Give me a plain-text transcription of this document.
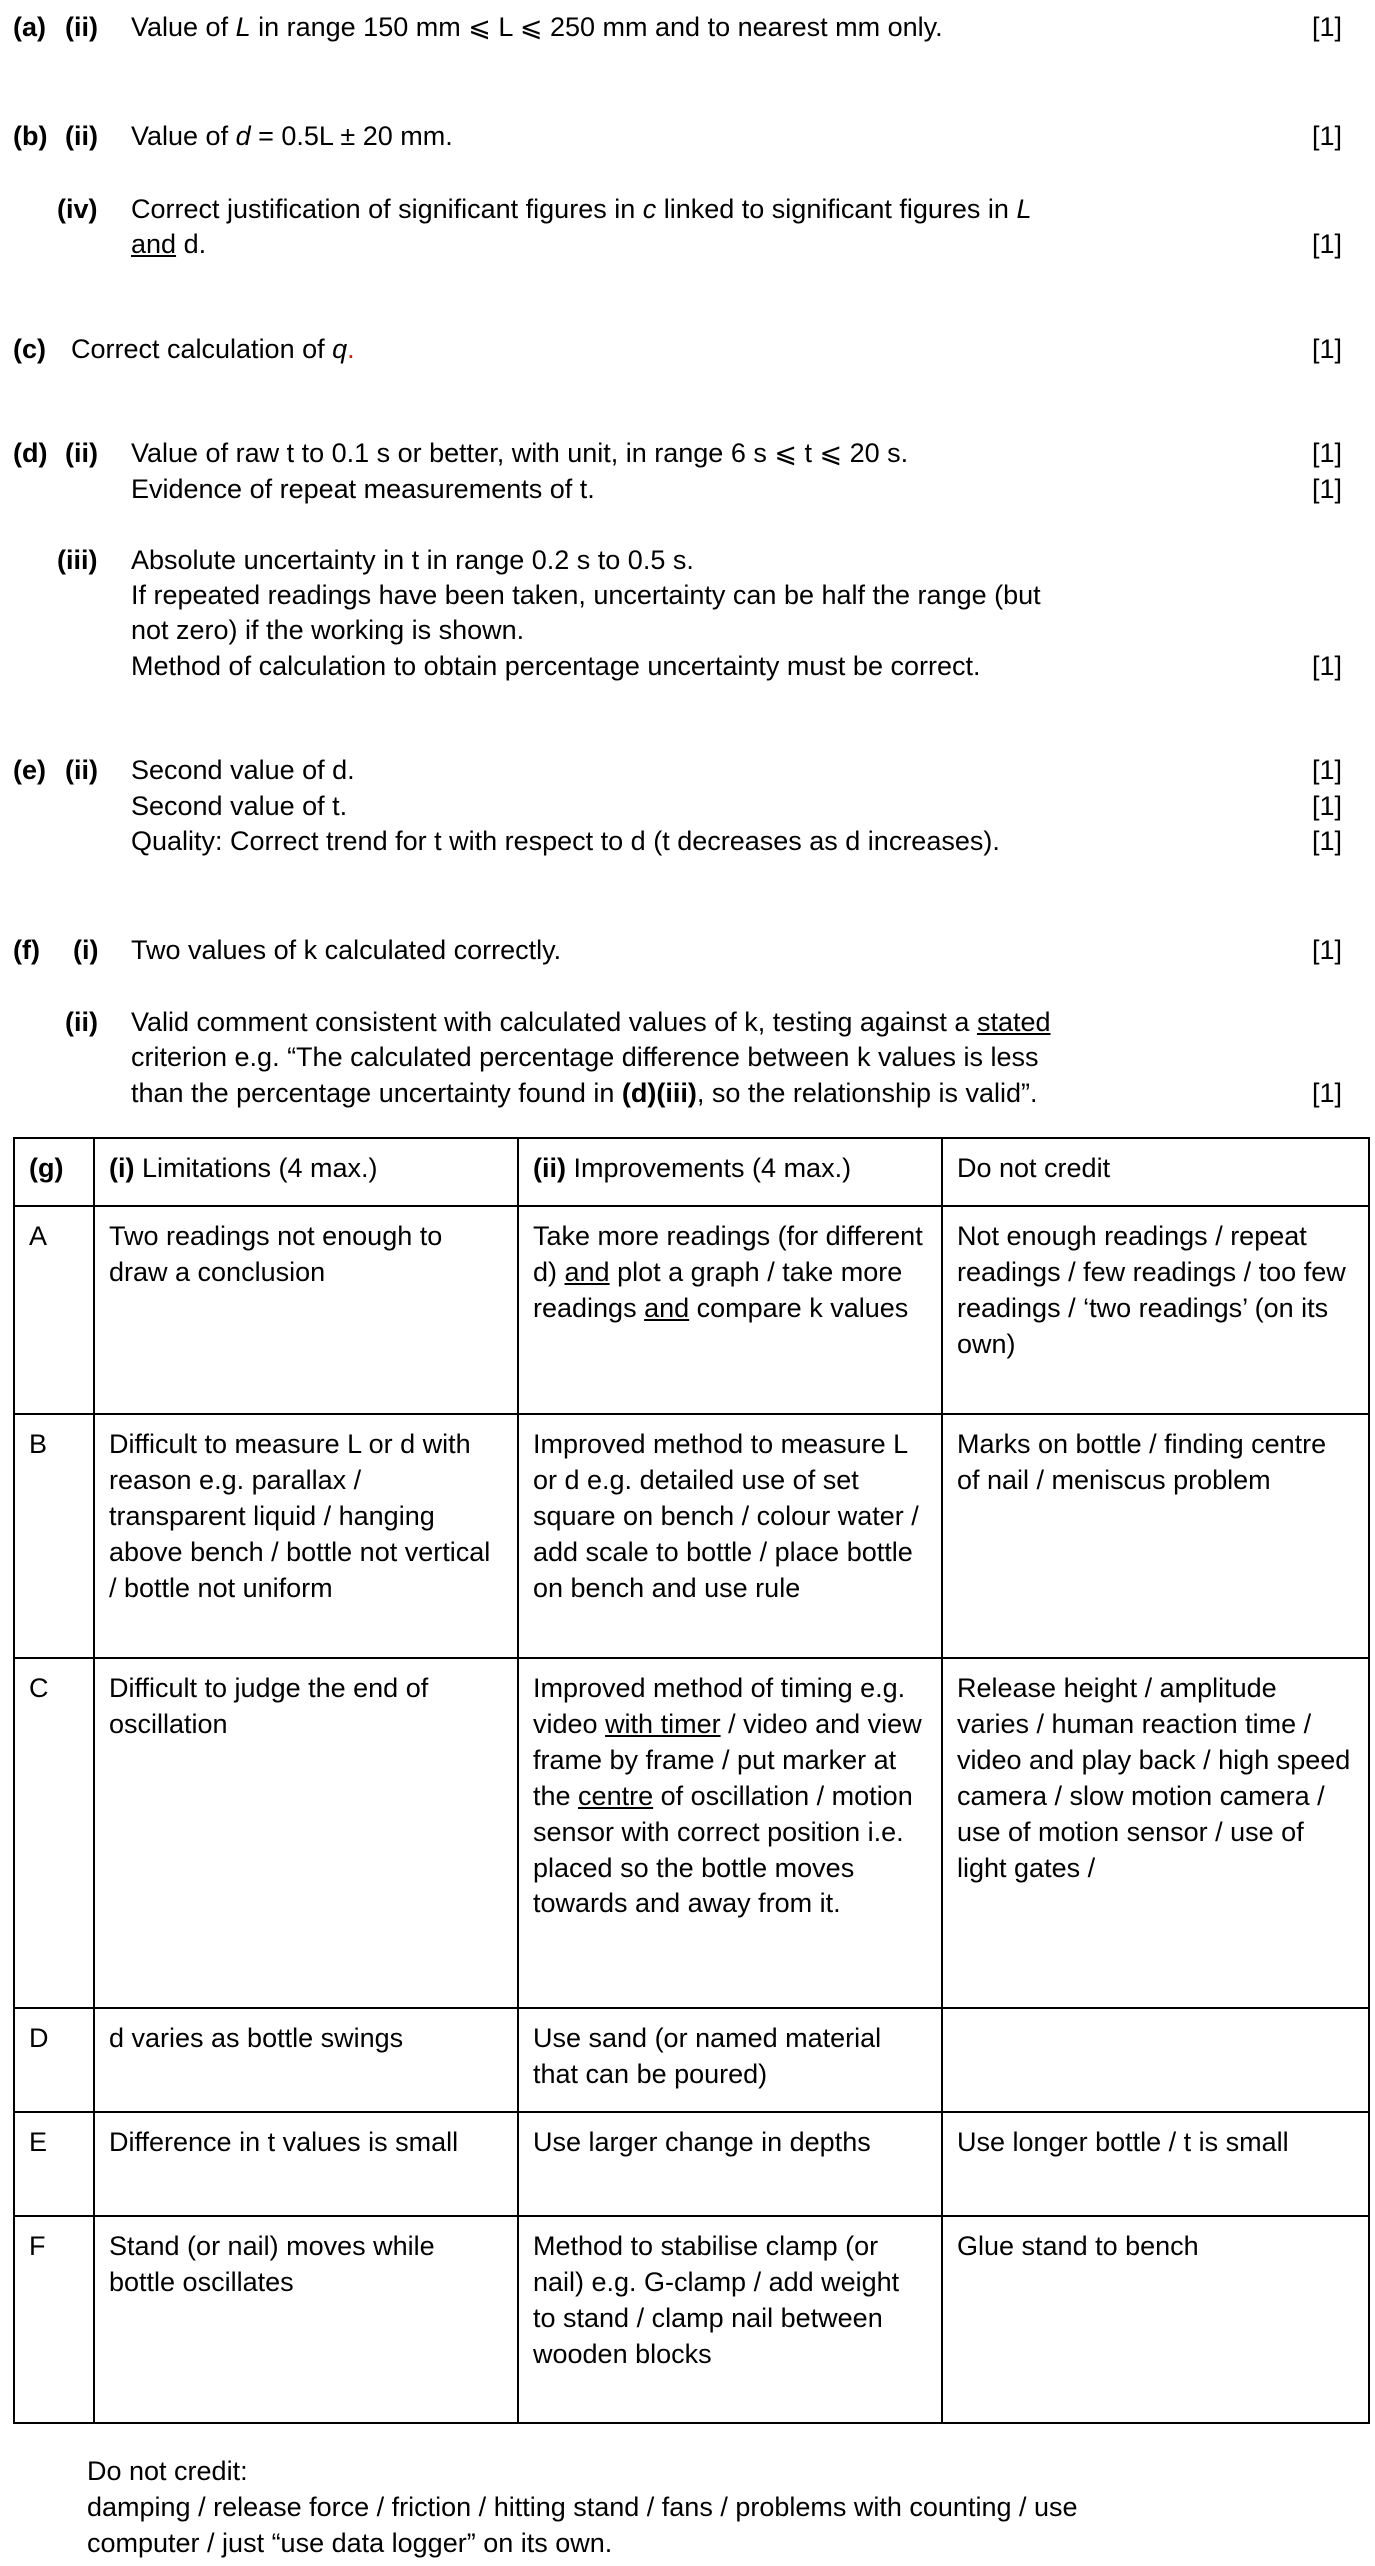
(a) (ii) Value of L in range 150 mm ⩽ L ⩽ 250 mm and to nearest mm only.	[1]
(b) (ii) Value of d = 0.5L ± 20 mm.	[1]
(iv) Correct justification of significant figures in c linked to significant figures in L
and d.	[1]
(c) Correct calculation of q.	[1]
(d) (ii) Value of raw t to 0.1 s or better, with unit, in range 6 s ⩽ t ⩽ 20 s.	[1]
Evidence of repeat measurements of t.	[1]
(iii) Absolute uncertainty in t in range 0.2 s to 0.5 s.
If repeated readings have been taken, uncertainty can be half the range (but
not zero) if the working is shown.
Method of calculation to obtain percentage uncertainty must be correct.	[1]
(e) (ii) Second value of d.	[1]
Second value of t.	[1]
Quality: Correct trend for t with respect to d (t decreases as d increases).	[1]
(f) (i) Two values of k calculated correctly.	[1]
(ii) Valid comment consistent with calculated values of k, testing against a stated
criterion e.g. “The calculated percentage difference between k values is less
than the percentage uncertainty found in (d)(iii), so the relationship is valid”.	[1]
(g)	(i) Limitations (4 max.)	(ii) Improvements (4 max.)	Do not credit
A	Two readings not enough to draw a conclusion	Take more readings (for different d) and plot a graph / take more readings and compare k values	Not enough readings / repeat readings / few readings / too few readings / ‘two readings’ (on its own)
B	Difficult to measure L or d with reason e.g. parallax / transparent liquid / hanging above bench / bottle not vertical / bottle not uniform	Improved method to measure L or d e.g. detailed use of set square on bench / colour water / add scale to bottle / place bottle on bench and use rule	Marks on bottle / finding centre of nail / meniscus problem
C	Difficult to judge the end of oscillation	Improved method of timing e.g. video with timer / video and view frame by frame / put marker at the centre of oscillation / motion sensor with correct position i.e. placed so the bottle moves towards and away from it.	Release height / amplitude varies / human reaction time / video and play back / high speed camera / slow motion camera / use of motion sensor / use of light gates /
D	d varies as bottle swings	Use sand (or named material that can be poured)	
E	Difference in t values is small	Use larger change in depths	Use longer bottle / t is small
F	Stand (or nail) moves while bottle oscillates	Method to stabilise clamp (or nail) e.g. G-clamp / add weight to stand / clamp nail between wooden blocks	Glue stand to bench
Do not credit:
damping / release force / friction / hitting stand / fans / problems with counting / use
computer / just “use data logger” on its own.
